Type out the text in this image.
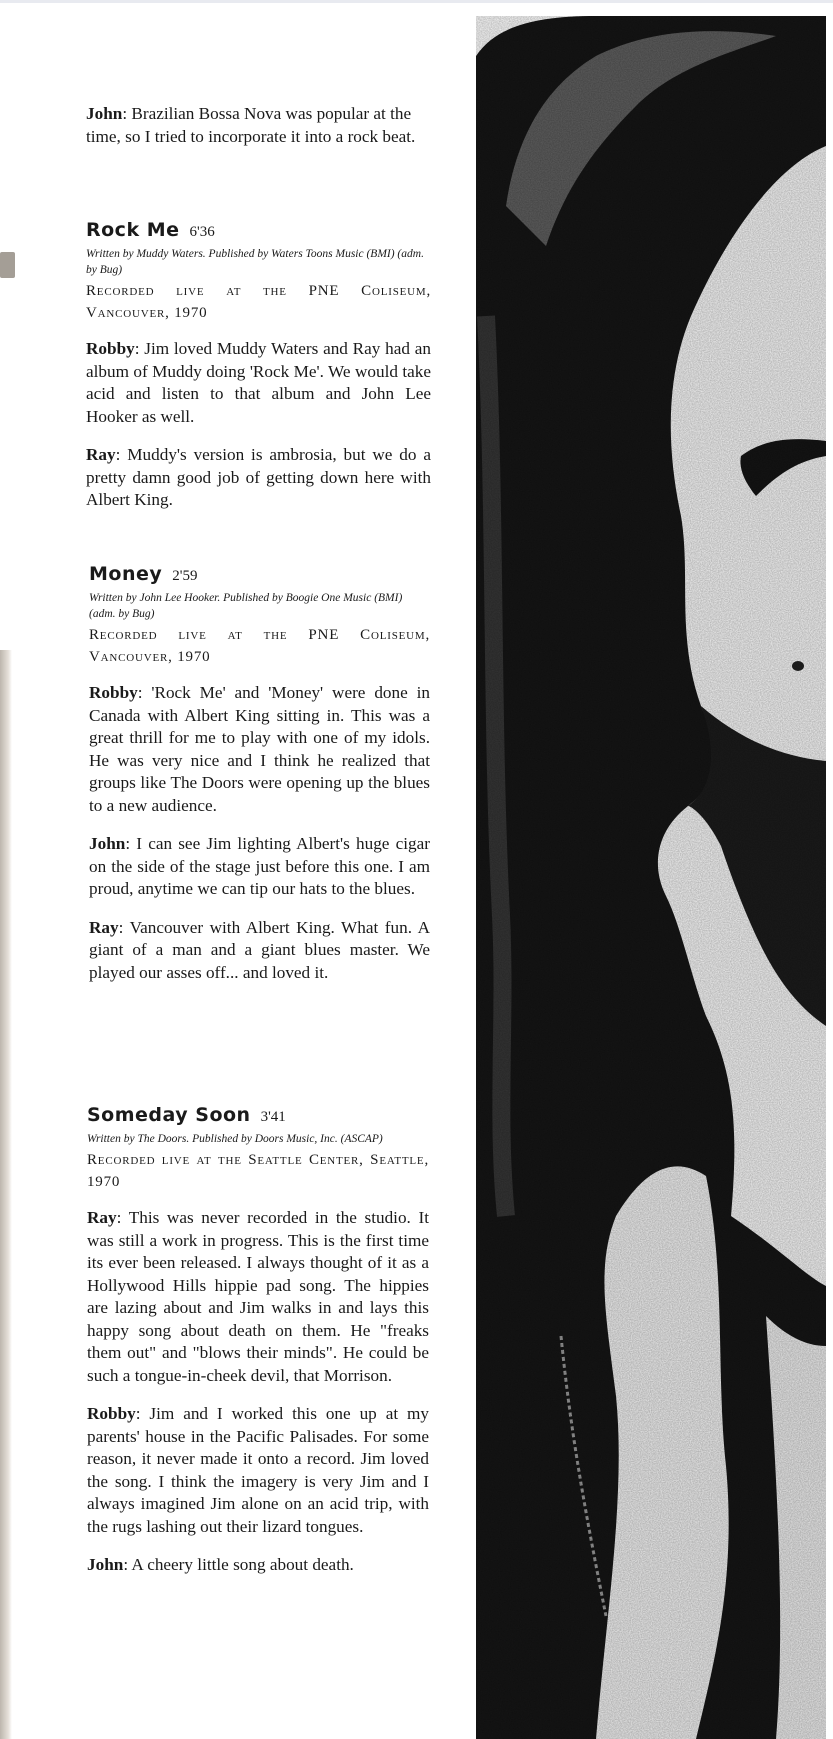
John: Brazilian Bossa Nova was popular at the time, so I tried to incorporate it into a rock beat.

Rock Me 6'36

Written by Muddy Waters. Published by Waters Toons Music (BMI) (adm. by Bug)

Recorded live at the PNE Coliseum, Vancouver, 1970

Robby: Jim loved Muddy Waters and Ray had an album of Muddy doing 'Rock Me'. We would take acid and listen to that album and John Lee Hooker as well.

Ray: Muddy's version is ambrosia, but we do a pretty damn good job of getting down here with Albert King.

Money 2'59

Written by John Lee Hooker. Published by Boogie One Music (BMI) (adm. by Bug)

Recorded live at the PNE Coliseum, Vancouver, 1970

Robby: 'Rock Me' and 'Money' were done in Canada with Albert King sitting in. This was a great thrill for me to play with one of my idols. He was very nice and I think he realized that groups like The Doors were opening up the blues to a new audience.

John: I can see Jim lighting Albert's huge cigar on the side of the stage just before this one. I am proud, anytime we can tip our hats to the blues.

Ray: Vancouver with Albert King. What fun. A giant of a man and a giant blues master. We played our asses off... and loved it.

Someday Soon 3'41

Written by The Doors. Published by Doors Music, Inc. (ASCAP)

Recorded live at the Seattle Center, Seattle, 1970

Ray: This was never recorded in the studio. It was still a work in progress. This is the first time its ever been released. I always thought of it as a Hollywood Hills hippie pad song. The hippies are lazing about and Jim walks in and lays this happy song about death on them. He "freaks them out" and "blows their minds". He could be such a tongue-in-cheek devil, that Morrison.

Robby: Jim and I worked this one up at my parents' house in the Pacific Palisades. For some reason, it never made it onto a record. Jim loved the song. I think the imagery is very Jim and I always imagined Jim alone on an acid trip, with the rugs lashing out their lizard tongues.

John: A cheery little song about death.
